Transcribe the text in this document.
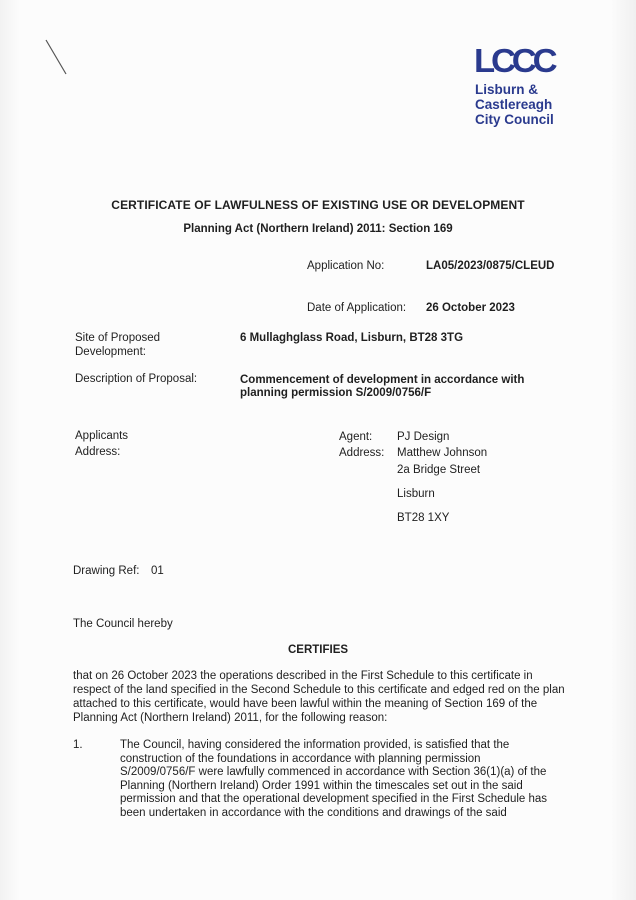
LCCC
Lisburn &
Castlereagh
City Council
CERTIFICATE OF LAWFULNESS OF EXISTING USE OR DEVELOPMENT
Planning Act (Northern Ireland) 2011: Section 169
Application No:	LA05/2023/0875/CLEUD
Date of Application: 26 October 2023
Site of Proposed
Development:
6 Mullaghglass Road, Lisburn, BT28 3TG
Description of Proposal:	Commencement of development in accordance with
planning permission S/2009/0756/F
Applicants
Address:
Agent: PJ Design
Address: Matthew Johnson
2a Bridge Street
Lisburn
BT28 1XY
Drawing Ref: 01
The Council hereby
CERTIFIES
that on 26 October 2023 the operations described in the First Schedule to this certificate in respect of the land specified in the Second Schedule to this certificate and edged red on the plan attached to this certificate, would have been lawful within the meaning of Section 169 of the Planning Act (Northern Ireland) 2011, for the following reason:
1.	The Council, having considered the information provided, is satisfied that the construction of the foundations in accordance with planning permission S/2009/0756/F were lawfully commenced in accordance with Section 36(1)(a) of the Planning (Northern Ireland) Order 1991 within the timescales set out in the said permission and that the operational development specified in the First Schedule has been undertaken in accordance with the conditions and drawings of the said
